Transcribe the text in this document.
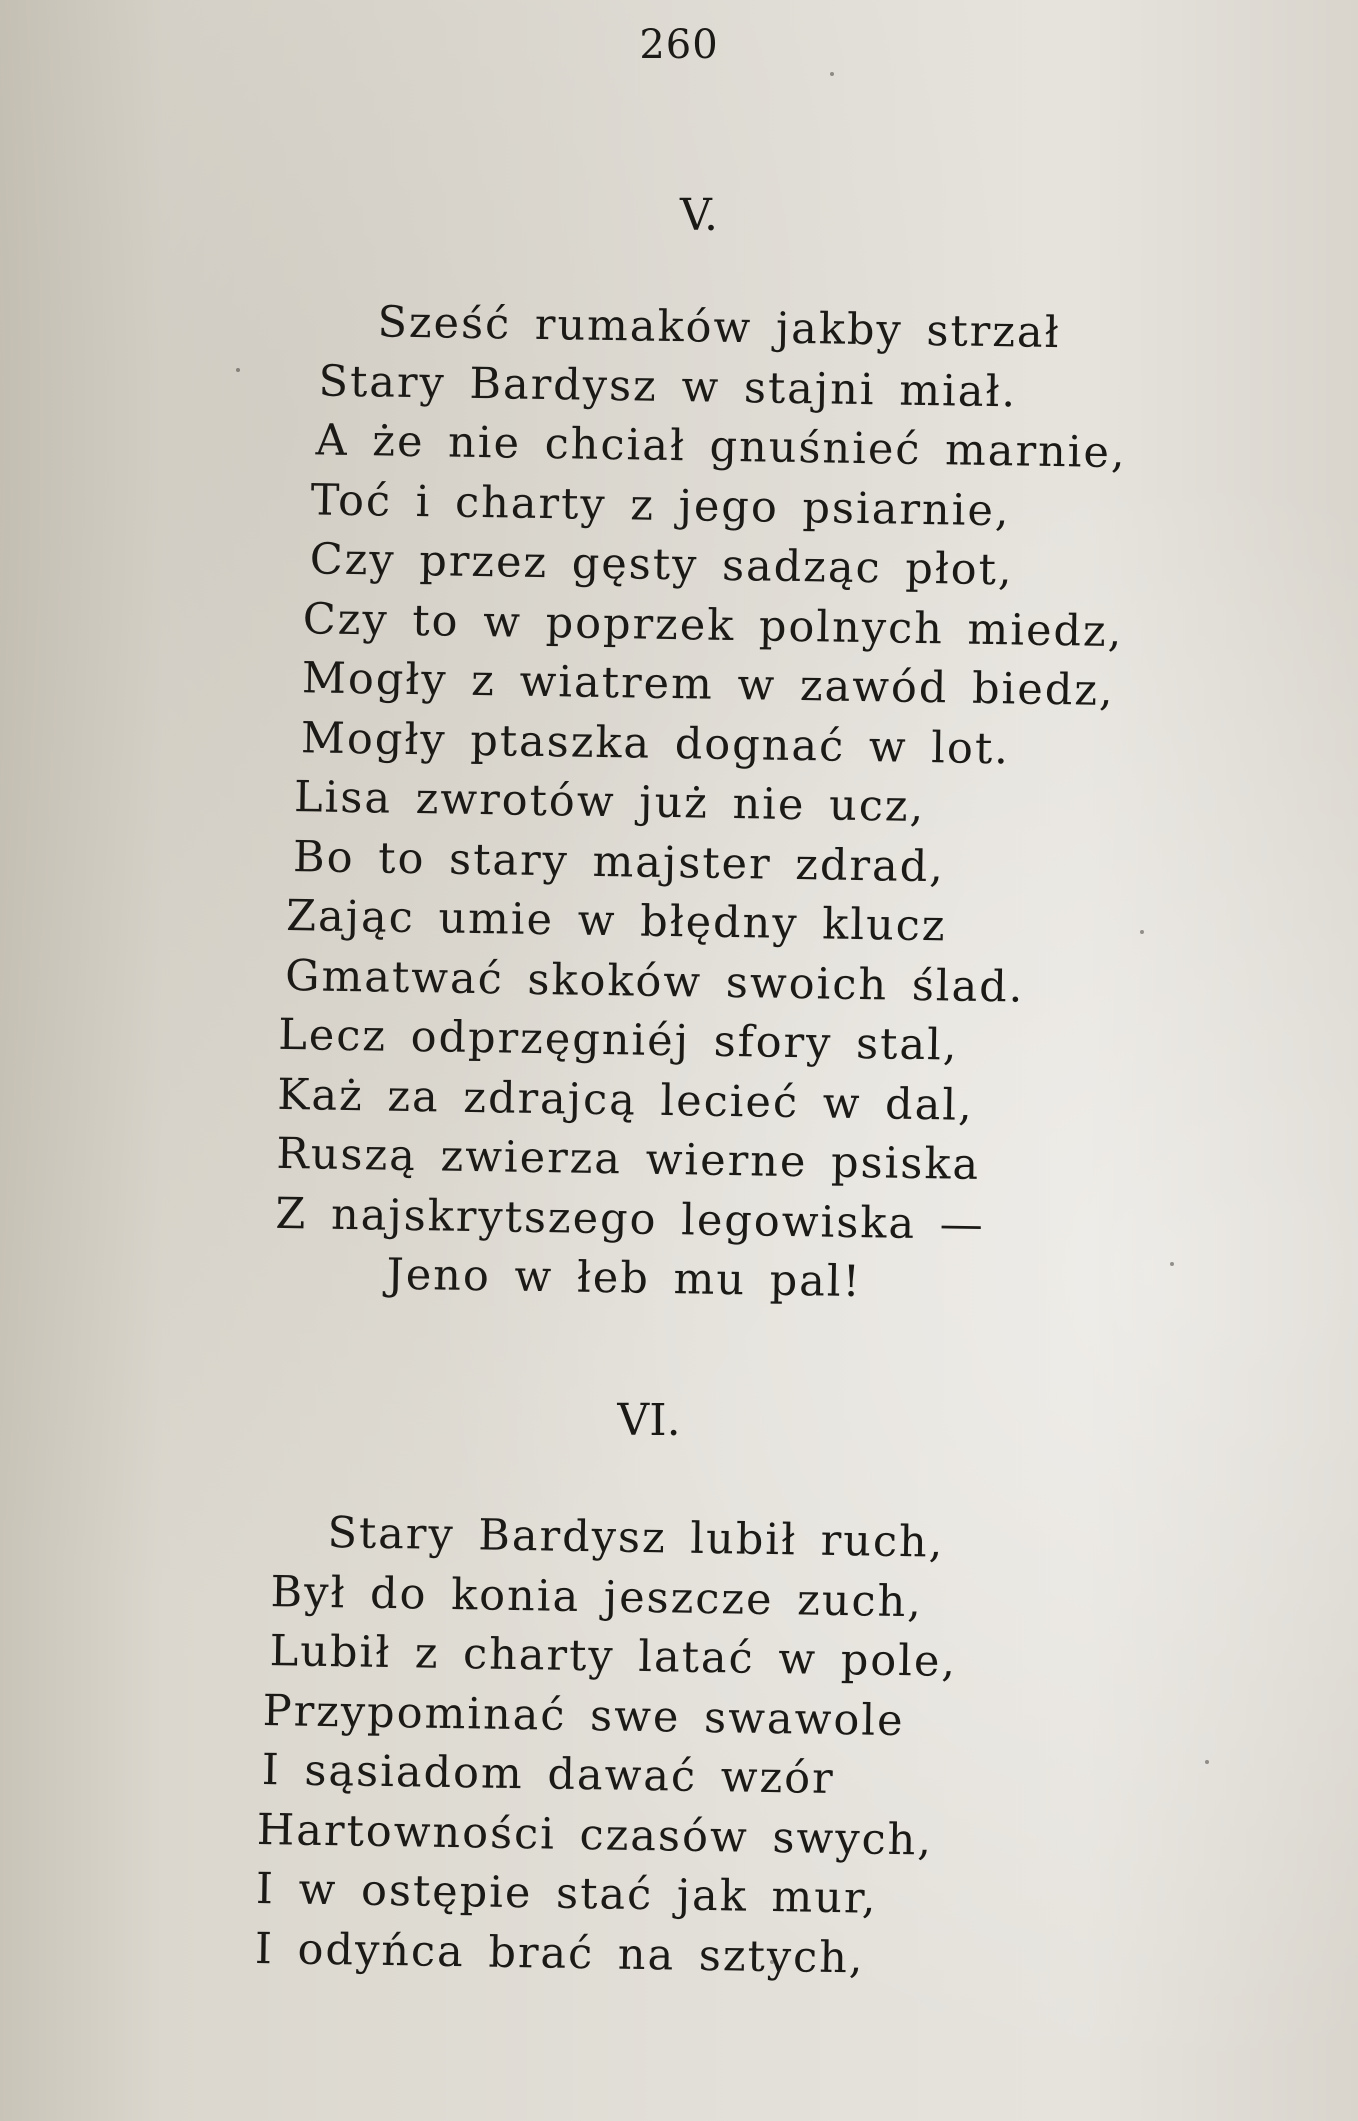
260
V.
Sześć rumaków jakby strzał
Stary Bardysz w stajni miał.
A że nie chciał gnuśnieć marnie,
Toć i charty z jego psiarnie,
Czy przez gęsty sadząc płot,
Czy to w poprzek polnych miedz,
Mogły z wiatrem w zawód biedz,
Mogły ptaszka dognać w lot.
Lisa zwrotów już nie ucz,
Bo to stary majster zdrad,
Zając umie w błędny klucz
Gmatwać skoków swoich ślad.
Lecz odprzęgniéj sfory stal,
Każ za zdrajcą lecieć w dal,
Ruszą zwierza wierne psiska
Z najskrytszego legowiska —
Jeno w łeb mu pal!
VI.
Stary Bardysz lubił ruch,
Był do konia jeszcze zuch,
Lubił z charty latać w pole,
Przypominać swe swawole
I sąsiadom dawać wzór
Hartowności czasów swych,
I w ostępie stać jak mur,
I odyńca brać na sztych,
